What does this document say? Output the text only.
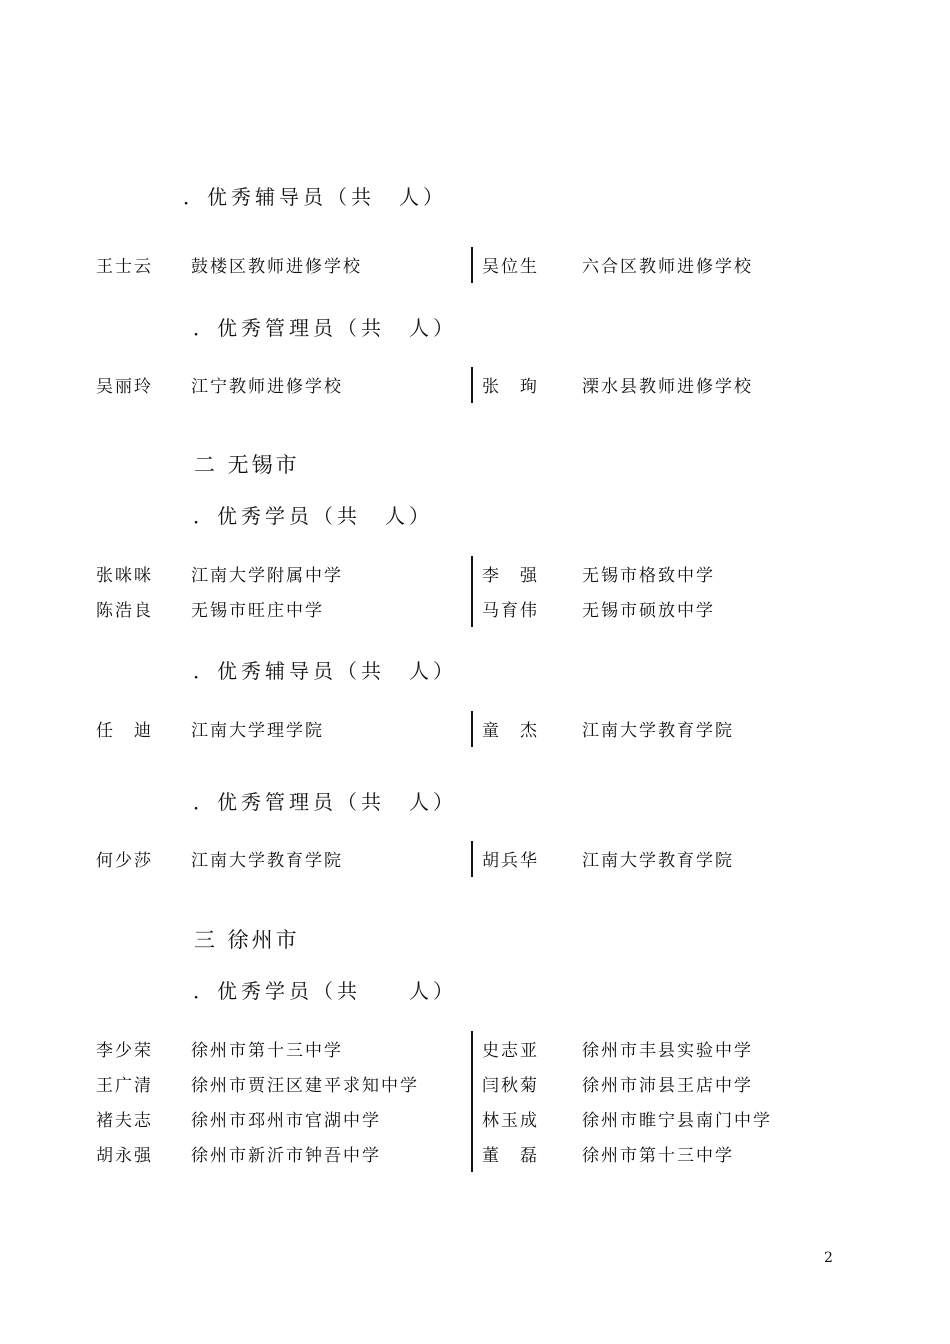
．优秀辅导员（共　人）
王士云 鼓楼区教师进修学校	吴位生	六合区教师进修学校
．优秀管理员（共　人）
吴丽玲 江宁教师进修学校	张　珣	溧水县教师进修学校
二 无锡市
．优秀学员（共　人）
张咪咪 江南大学附属中学	李　强	无锡市格致中学
陈浩良 无锡市旺庄中学	马育伟	无锡市硕放中学
．优秀辅导员（共　人）
任　迪 江南大学理学院	童　杰	江南大学教育学院
．优秀管理员（共　人）
何少莎 江南大学教育学院	胡兵华	江南大学教育学院
三 徐州市
．优秀学员（共　　人）
李少荣 徐州市第十三中学	史志亚	徐州市丰县实验中学
王广清 徐州市贾汪区建平求知中学	闫秋菊	徐州市沛县王店中学
褚夫志 徐州市邳州市官湖中学	林玉成	徐州市睢宁县南门中学
胡永强 徐州市新沂市钟吾中学	董　磊	徐州市第十三中学
2
